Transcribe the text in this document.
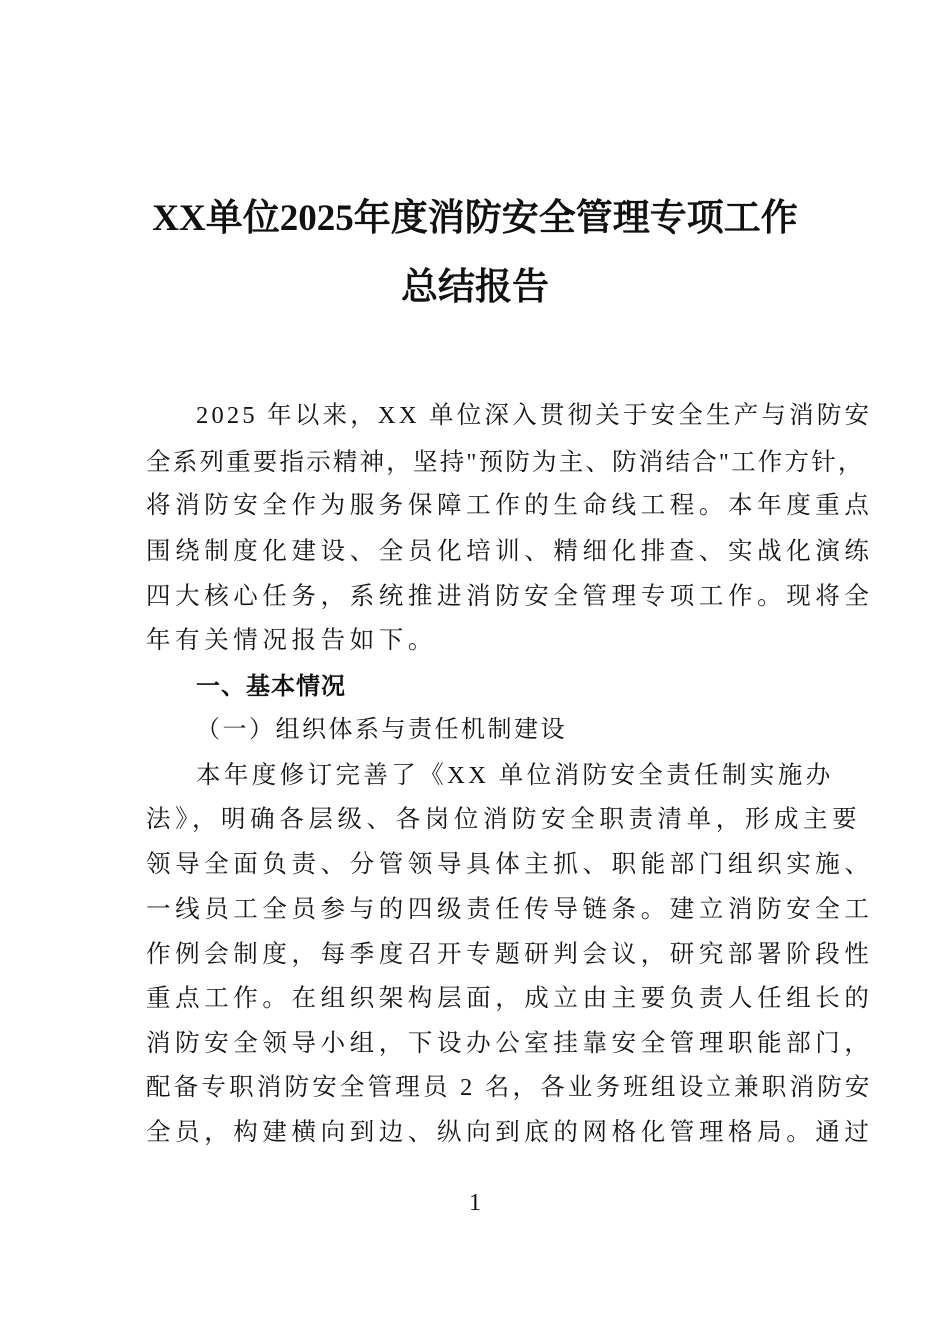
XX单位2025年度消防安全管理专项工作
总结报告
2025 年以来，XX 单位深入贯彻关于安全生产与消防安
全系列重要指示精神，坚持"预防为主、防消结合"工作方针，
将消防安全作为服务保障工作的生命线工程。本年度重点
围绕制度化建设、全员化培训、精细化排查、实战化演练
四大核心任务，系统推进消防安全管理专项工作。现将全
年有关情况报告如下。
一、基本情况
（一）组织体系与责任机制建设
本年度修订完善了《XX 单位消防安全责任制实施办
法》，明确各层级、各岗位消防安全职责清单，形成主要
领导全面负责、分管领导具体主抓、职能部门组织实施、
一线员工全员参与的四级责任传导链条。建立消防安全工
作例会制度，每季度召开专题研判会议，研究部署阶段性
重点工作。在组织架构层面，成立由主要负责人任组长的
消防安全领导小组，下设办公室挂靠安全管理职能部门，
配备专职消防安全管理员 2 名，各业务班组设立兼职消防安
全员，构建横向到边、纵向到底的网格化管理格局。通过
1
